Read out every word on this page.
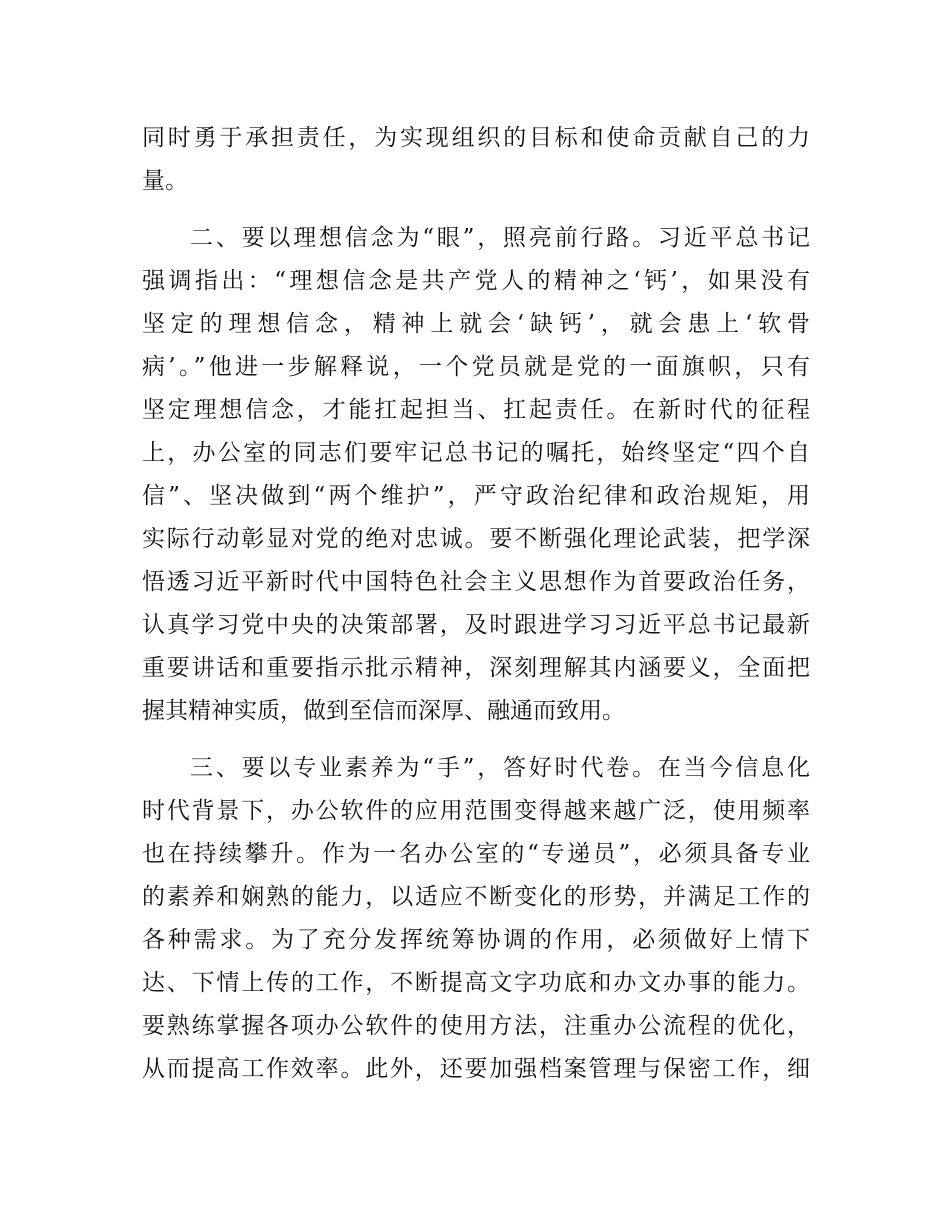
同时勇于承担责任，为实现组织的目标和使命贡献自己的力
量。
二、要以理想信念为“眼”，照亮前行路。习近平总书记
强调指出：“理想信念是共产党人的精神之‘钙’，如果没有
坚定的理想信念，精神上就会‘缺钙’，就会患上‘软骨
病’。”他进一步解释说，一个党员就是党的一面旗帜，只有
坚定理想信念，才能扛起担当、扛起责任。在新时代的征程
上，办公室的同志们要牢记总书记的嘱托，始终坚定“四个自
信”、坚决做到“两个维护”，严守政治纪律和政治规矩，用
实际行动彰显对党的绝对忠诚。要不断强化理论武装，把学深
悟透习近平新时代中国特色社会主义思想作为首要政治任务，
认真学习党中央的决策部署，及时跟进学习习近平总书记最新
重要讲话和重要指示批示精神，深刻理解其内涵要义，全面把
握其精神实质，做到至信而深厚、融通而致用。
三、要以专业素养为“手”，答好时代卷。在当今信息化
时代背景下，办公软件的应用范围变得越来越广泛，使用频率
也在持续攀升。作为一名办公室的“专递员”，必须具备专业
的素养和娴熟的能力，以适应不断变化的形势，并满足工作的
各种需求。为了充分发挥统筹协调的作用，必须做好上情下
达、下情上传的工作，不断提高文字功底和办文办事的能力。
要熟练掌握各项办公软件的使用方法，注重办公流程的优化，
从而提高工作效率。此外，还要加强档案管理与保密工作，细
